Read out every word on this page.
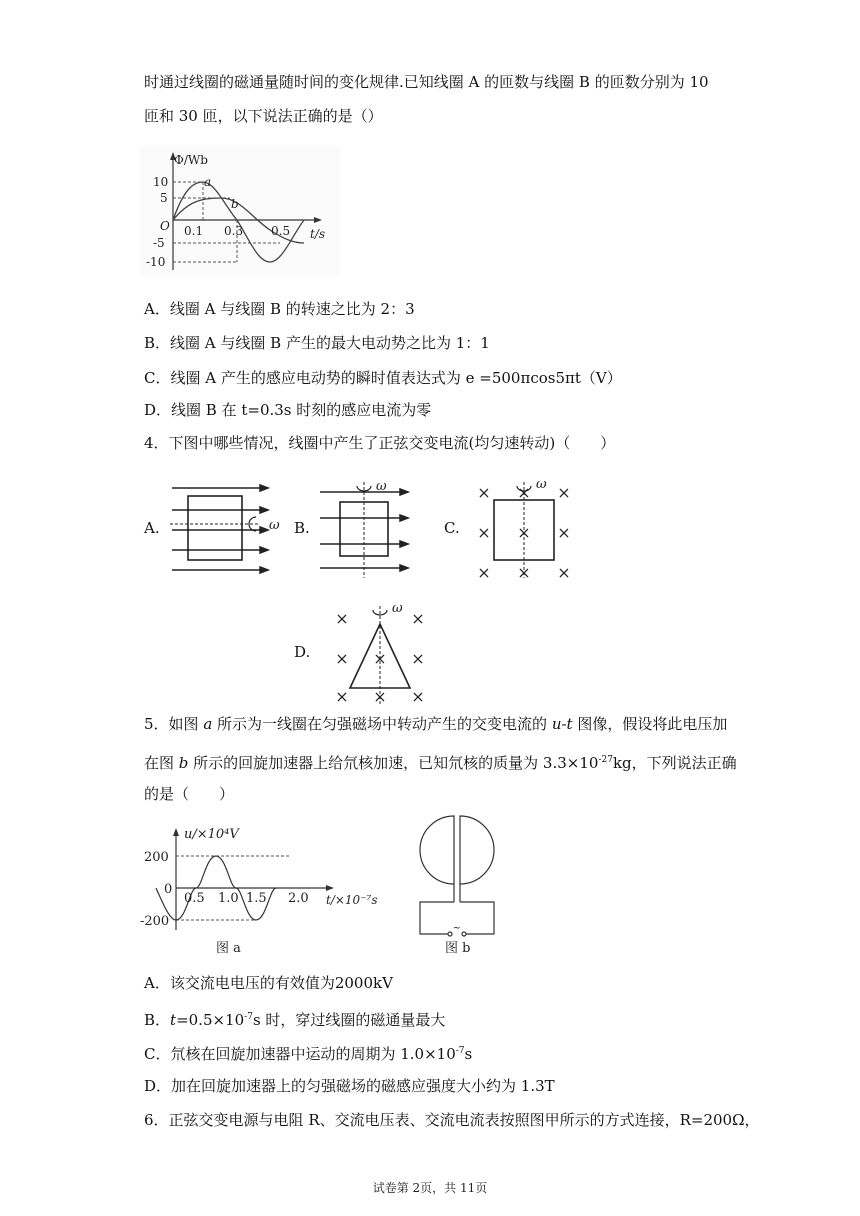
时通过线圈的磁通量随时间的变化规律.已知线圈 A 的匝数与线圈 B 的匝数分别为 10
匝和 30 匝，以下说法正确的是（）
Φ/Wb
t/s
O
10
5
-5
-10
0.1 0.3 0.5
a
b
A．线圈 A 与线圈 B 的转速之比为 2：3
B．线圈 A 与线圈 B 产生的最大电动势之比为 1：1
C．线圈 A 产生的感应电动势的瞬时值表达式为 e =500πcos5πt（V）
D．线圈 B 在 t=0.3s 时刻的感应电流为零
4．下图中哪些情况，线圈中产生了正弦交变电流(均匀速转动)（　　）
A.	ω B.
ω
C.
× × ×
× × ×
× × ×
ω
D.
×	×
× × ×
× × ×
ω
5．如图 a 所示为一线圈在匀强磁场中转动产生的交变电流的 u-t 图像，假设将此电压加
在图 b 所示的回旋加速器上给氘核加速，已知氘核的质量为 $3.3\times 10^{-27}kg$，下列说法正确
的是（　　）
u/×10⁴V
t/×10⁻⁷s
200
0
-200
0.5 1.0 1.5 2.0
图 a
~
图 b
A．该交流电电压的有效值为2000kV
B．$t=0.5\times 10^{-7}s$ 时，穿过线圈的磁通量最大
C．氘核在回旋加速器中运动的周期为 $1.0\times 10^{-7}s$
D．加在回旋加速器上的匀强磁场的磁感应强度大小约为 1.3T
6．正弦交变电源与电阻 R、交流电压表、交流电流表按照图甲所示的方式连接，R=200Ω，
试卷第 2页，共 11页
